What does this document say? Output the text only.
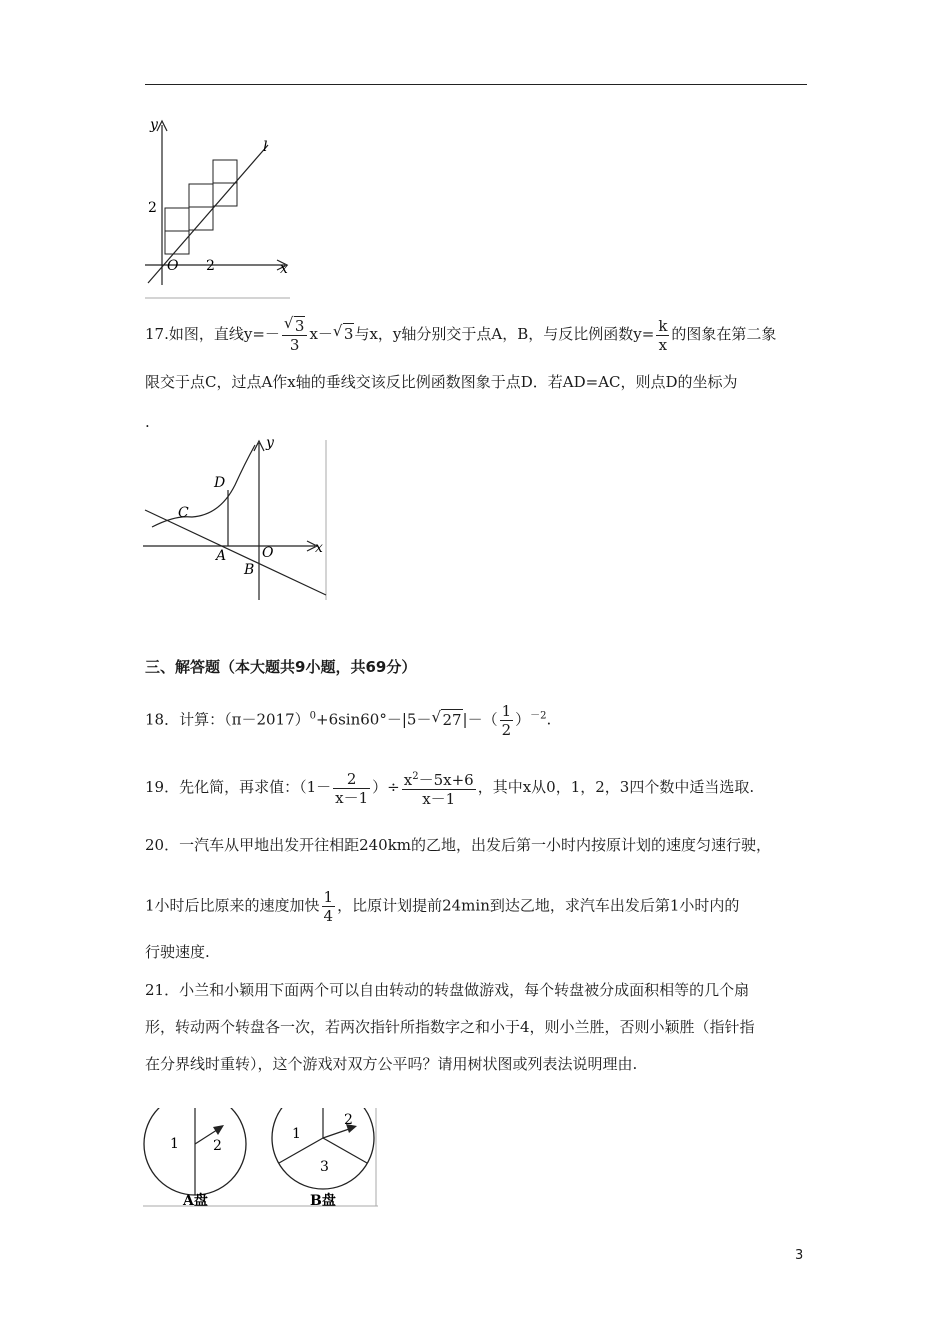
y
x
l
2
2
O
17.如图，直线y=－
√ $\frac{3}{3} x-√$ 3与x，y轴分别交于点A，B，与反比例函数$y= \frac{k}{x}$ 的图象在第二象
限交于点C，过点A作x轴的垂线交该反比例函数图象于点D．若AD=AC，则点D的坐标为
.
y
x
D
C
A	O
B
三、解答题（本大题共9小题，共69分）
18．计算：$(\pi-2017)^0+6\sin 60^\circ-|5-√$ $27|-( \frac{1}{2} )^{-2}$.
19．先化简，再求值：（$1- \frac{2}{x-1}$ ）÷ $\frac{x^2-5x+6}{x-1}$ ，其中x从0，1，2，3四个数中适当选取.
20．一汽车从甲地出发开往相距240km的乙地，出发后第一小时内按原计划的速度匀速行驶，
1小时后比原来的速度加快 $\frac{1}{4}$ ，比原计划提前24min到达乙地，求汽车出发后第1小时内的
行驶速度.
21．小兰和小颖用下面两个可以自由转动的转盘做游戏，每个转盘被分成面积相等的几个扇
形，转动两个转盘各一次，若两次指针所指数字之和小于4，则小兰胜，否则小颖胜（指针指
在分界线时重转），这个游戏对双方公平吗？请用树状图或列表法说明理由.
1 2
A盘
1
2
3
B盘
3
